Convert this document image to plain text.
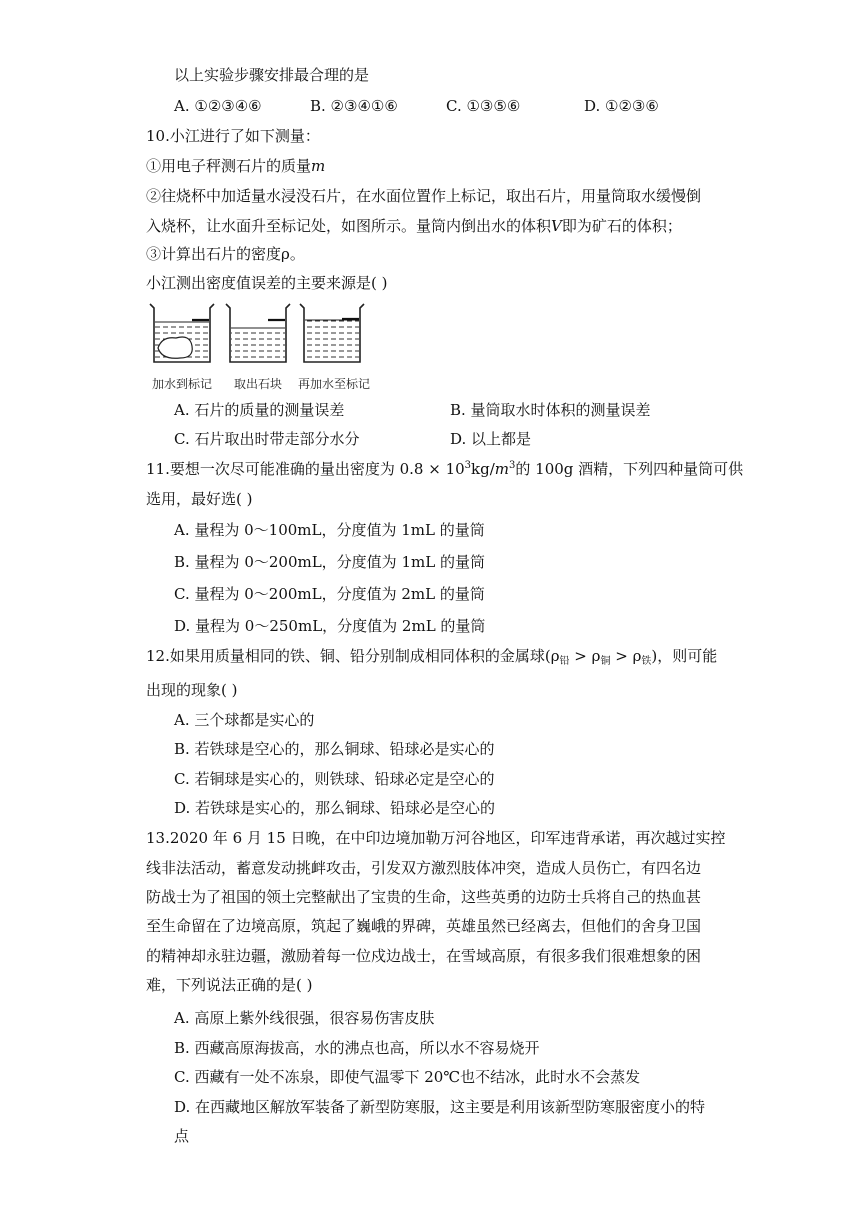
以上实验步骤安排最合理的是
A. ①②③④⑥	B. ②③④①⑥	C. ①③⑤⑥	D. ①②③⑥
10.小江进行了如下测量：
①用电子秤测石片的质量m
②往烧杯中加适量水浸没石片，在水面位置作上标记，取出石片，用量筒取水缓慢倒
入烧杯，让水面升至标记处，如图所示。量筒内倒出水的体积V即为矿石的体积；
③计算出石片的密度ρ。
小江测出密度值误差的主要来源是( )
加水到标记 取出石块 再加水至标记
A. 石片的质量的测量误差	B. 量筒取水时体积的测量误差
C. 石片取出时带走部分水分	D. 以上都是
11.要想一次尽可能准确的量出密度为 $0.8 \times 10^3kg/m^3$的 100g 酒精，下列四种量筒可供
选用，最好选( )
A. 量程为 0～100mL，分度值为 1mL 的量筒
B. 量程为 0～200mL，分度值为 1mL 的量筒
C. 量程为 0～200mL，分度值为 2mL 的量筒
D. 量程为 0～250mL，分度值为 2mL 的量筒
12.如果用质量相同的铁、铜、铅分别制成相同体积的金属球$(\rho_铅 > \rho_铜 > \rho_铁)$，则可能
出现的现象( )
A. 三个球都是实心的
B. 若铁球是空心的，那么铜球、铅球必是实心的
C. 若铜球是实心的，则铁球、铅球必定是空心的
D. 若铁球是实心的，那么铜球、铅球必是空心的
13.2020 年 6 月 15 日晚，在中印边境加勒万河谷地区，印军违背承诺，再次越过实控
线非法活动，蓄意发动挑衅攻击，引发双方激烈肢体冲突，造成人员伤亡，有四名边
防战士为了祖国的领土完整献出了宝贵的生命，这些英勇的边防士兵将自己的热血甚
至生命留在了边境高原，筑起了巍峨的界碑，英雄虽然已经离去，但他们的舍身卫国
的精神却永驻边疆，激励着每一位戍边战士，在雪域高原，有很多我们很难想象的困
难，下列说法正确的是( )
A. 高原上紫外线很强，很容易伤害皮肤
B. 西藏高原海拔高，水的沸点也高，所以水不容易烧开
C. 西藏有一处不冻泉，即使气温零下 20℃也不结冰，此时水不会蒸发
D. 在西藏地区解放军装备了新型防寒服，这主要是利用该新型防寒服密度小的特
点
